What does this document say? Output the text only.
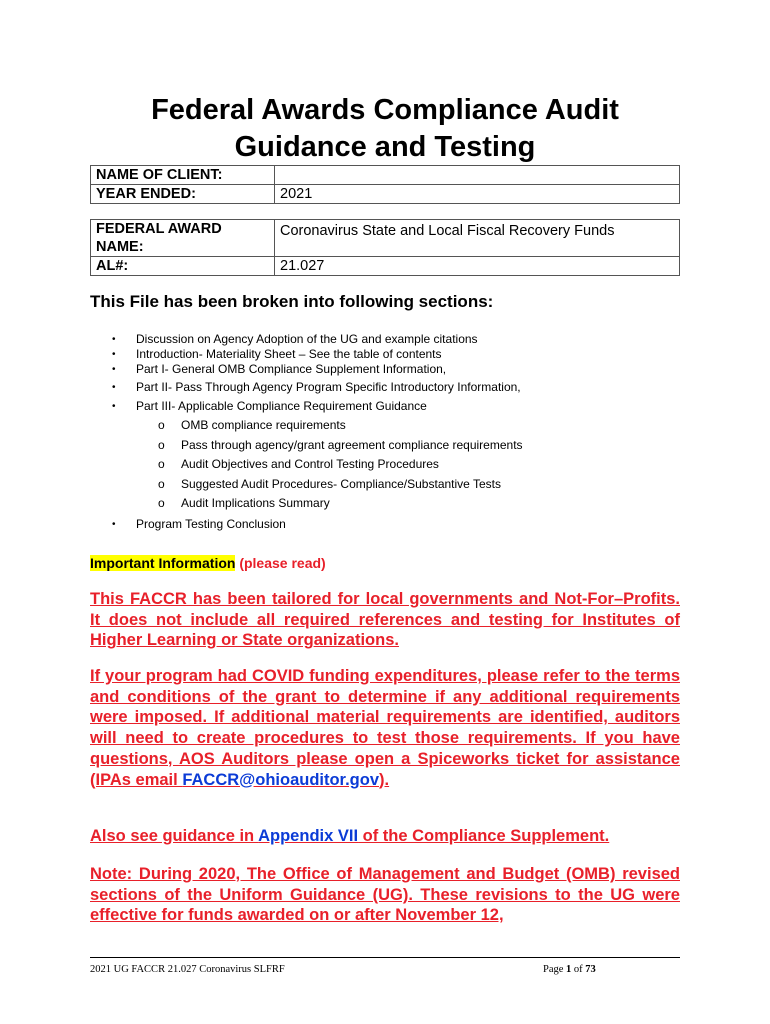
Federal Awards Compliance Audit
Guidance and Testing
NAME OF CLIENT:	
YEAR ENDED:	2021
FEDERAL AWARD NAME:	Coronavirus State and Local Fiscal Recovery Funds
AL#:	21.027
This File has been broken into following sections:
• Discussion on Agency Adoption of the UG and example citations
• Introduction- Materiality Sheet – See the table of contents
• Part I- General OMB Compliance Supplement Information,
• Part II- Pass Through Agency Program Specific Introductory Information,
• Part III- Applicable Compliance Requirement Guidance
o OMB compliance requirements
o Pass through agency/grant agreement compliance requirements
o Audit Objectives and Control Testing Procedures
o Suggested Audit Procedures- Compliance/Substantive Tests
o Audit Implications Summary
• Program Testing Conclusion

Important Information (please read)

This FACCR has been tailored for local governments and Not-For–Profits. It does not include all required references and testing for Institutes of Higher Learning or State organizations.

If your program had COVID funding expenditures, please refer to the terms and conditions of the grant to determine if any additional requirements were imposed. If additional material requirements are identified, auditors will need to create procedures to test those requirements. If you have questions, AOS Auditors please open a Spiceworks ticket for assistance (IPAs email FACCR@ohioauditor.gov).

Also see guidance in Appendix VII of the Compliance Supplement.

Note: During 2020, The Office of Management and Budget (OMB) revised sections of the Uniform Guidance (UG). These revisions to the UG were effective for funds awarded on or after November 12,

2021 UG FACCR 21.027 Coronavirus SLFRF	Page 1 of 73
